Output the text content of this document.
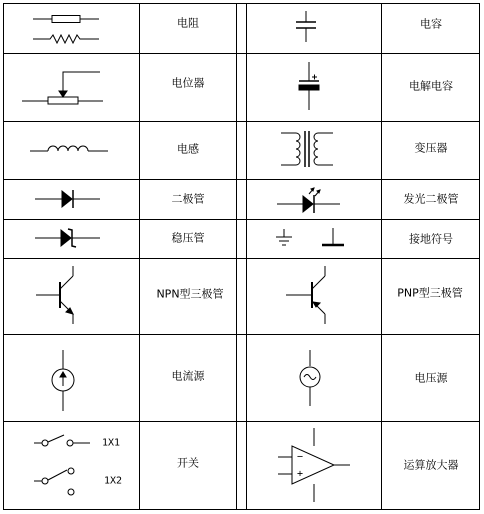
−
+
1X1
1X2
电阻	电容
电位器	电解电容
电感	变压器
二极管	发光二极管
稳压管	接地符号
NPN型三极管	PNP型三极管
电流源	电压源
开关	运算放大器
